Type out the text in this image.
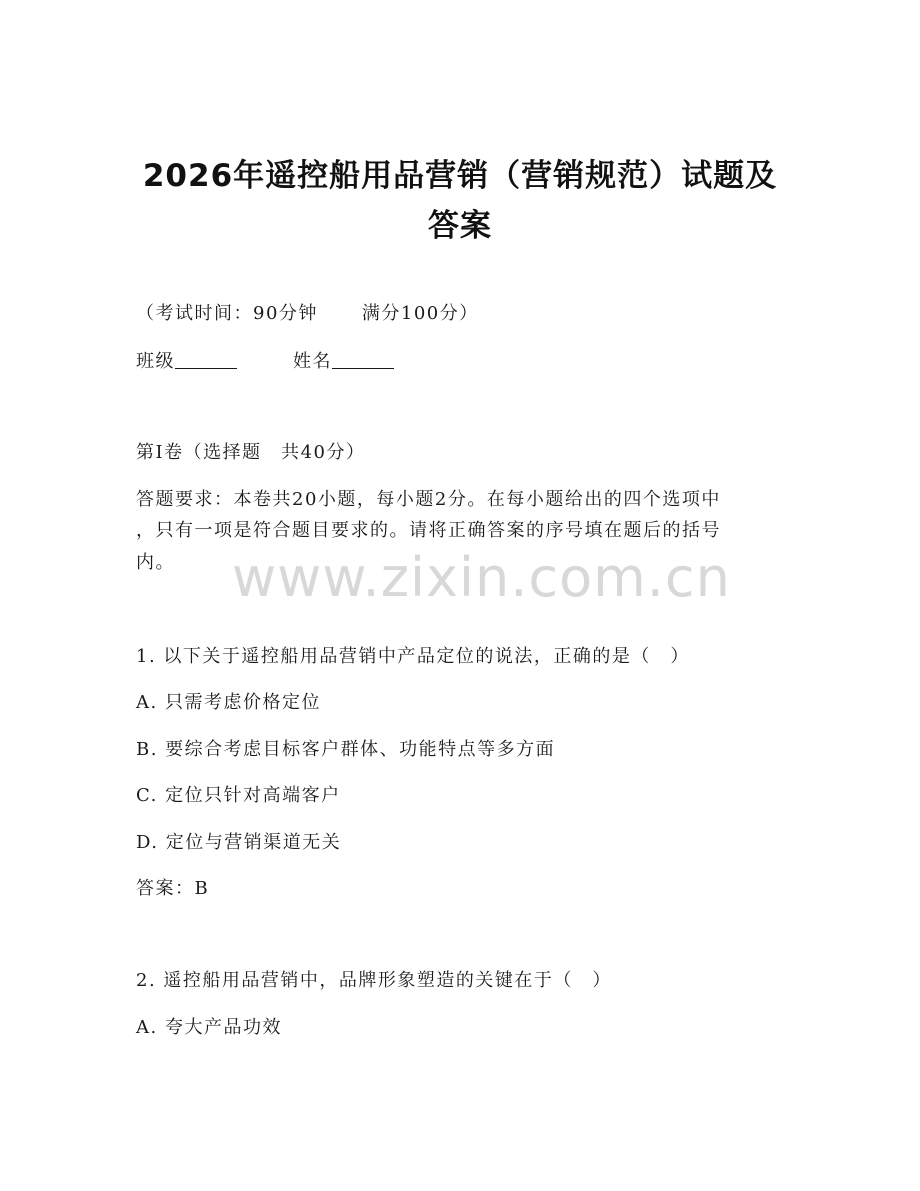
2026年遥控船用品营销（营销规范）试题及
答案
（考试时间：90分钟 满分100分）
班级	姓名
第Ⅰ卷（选择题　共40分）
答题要求：本卷共20小题，每小题2分。在每小题给出的四个选项中
，只有一项是符合题目要求的。请将正确答案的序号填在题后的括号
内。 www.zixin.com.cn
1. 以下关于遥控船用品营销中产品定位的说法，正确的是（　）
A. 只需考虑价格定位
B. 要综合考虑目标客户群体、功能特点等多方面
C. 定位只针对高端客户
D. 定位与营销渠道无关
答案：B
2. 遥控船用品营销中，品牌形象塑造的关键在于（　）
A. 夸大产品功效
